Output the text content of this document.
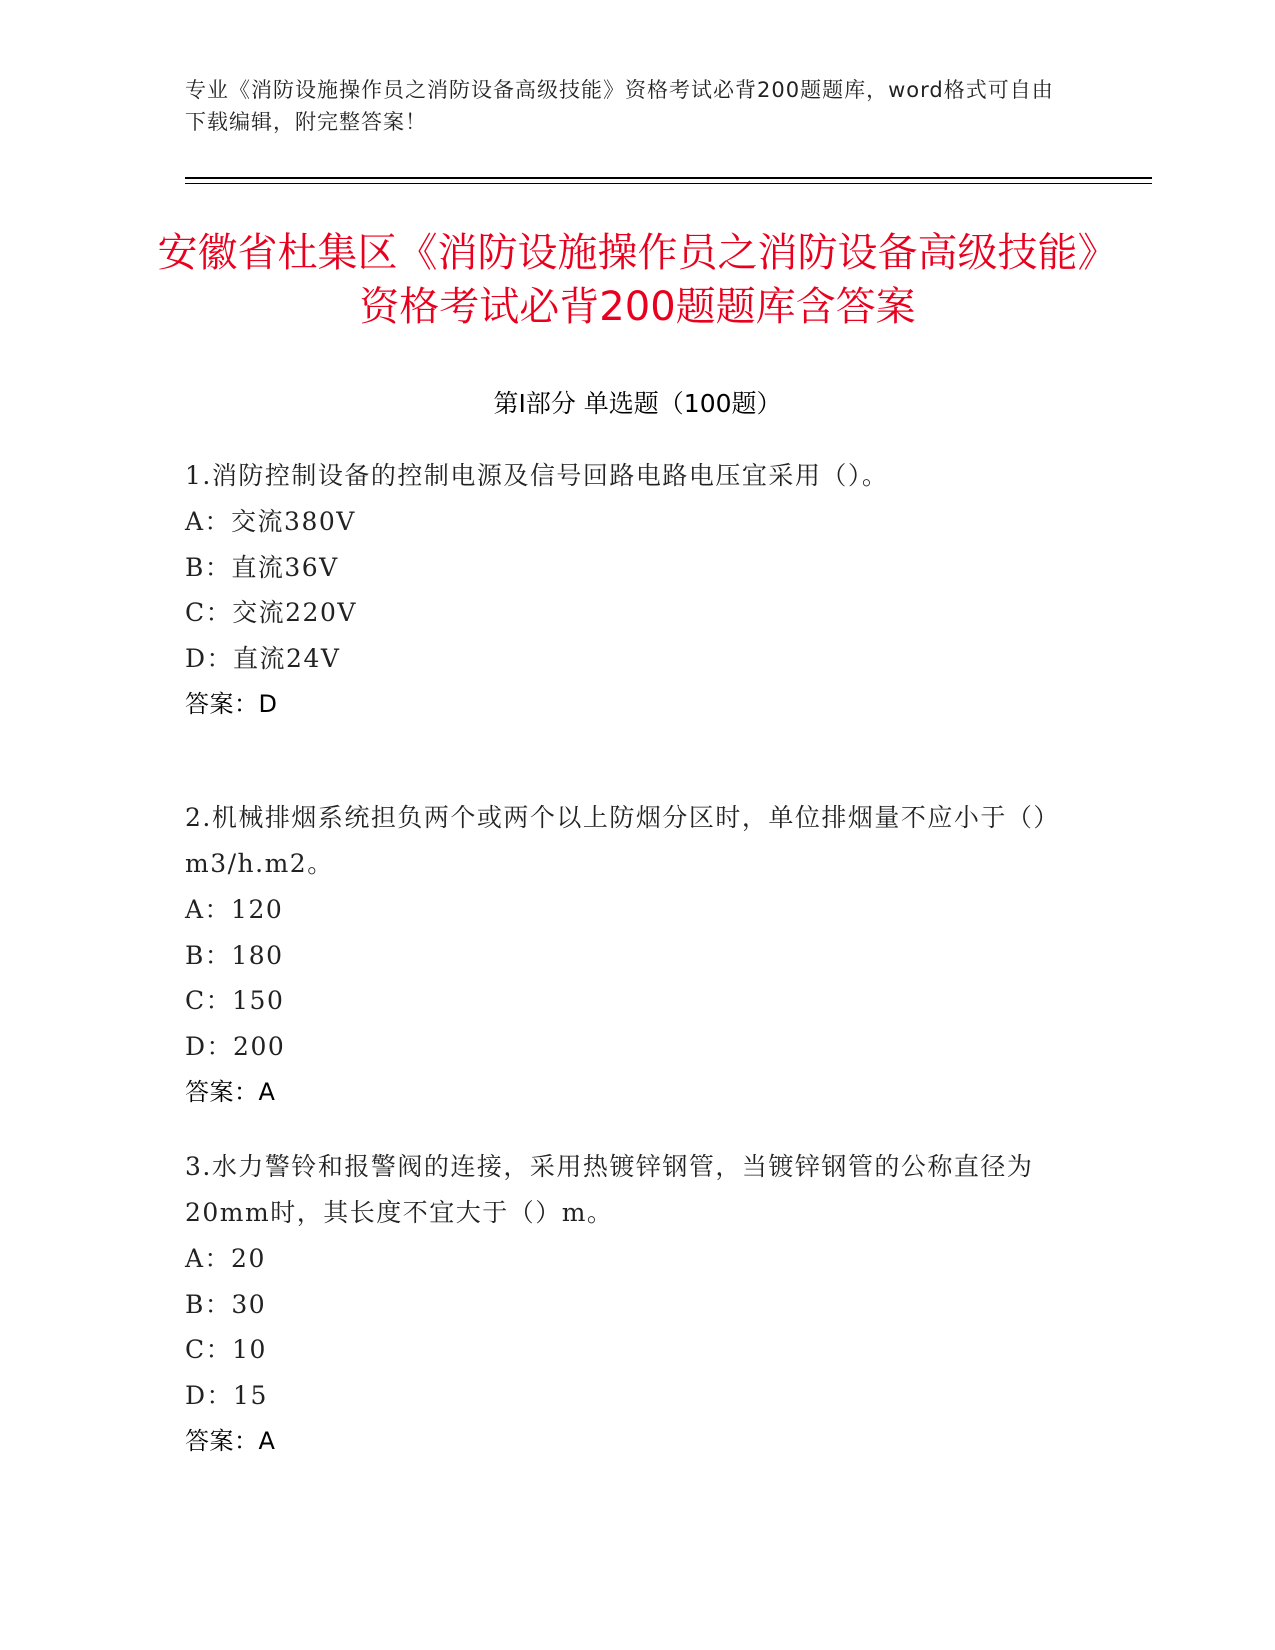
专业《消防设施操作员之消防设备高级技能》资格考试必背200题题库，word格式可自由下载编辑，附完整答案！
安徽省杜集区《消防设施操作员之消防设备高级技能》资格考试必背200题题库含答案
第Ⅰ部分 单选题（100题）

1.消防控制设备的控制电源及信号回路电路电压宜采用（）。

A：交流380V

B：直流36V

C：交流220V

D：直流24V

答案：D

2.机械排烟系统担负两个或两个以上防烟分区时，单位排烟量不应小于（）m3/h.m2。

A：120

B：180

C：150

D：200

答案：A

3.水力警铃和报警阀的连接，采用热镀锌钢管，当镀锌钢管的公称直径为20mm时，其长度不宜大于（）m。

A：20

B：30

C：10

D：15

答案：A
